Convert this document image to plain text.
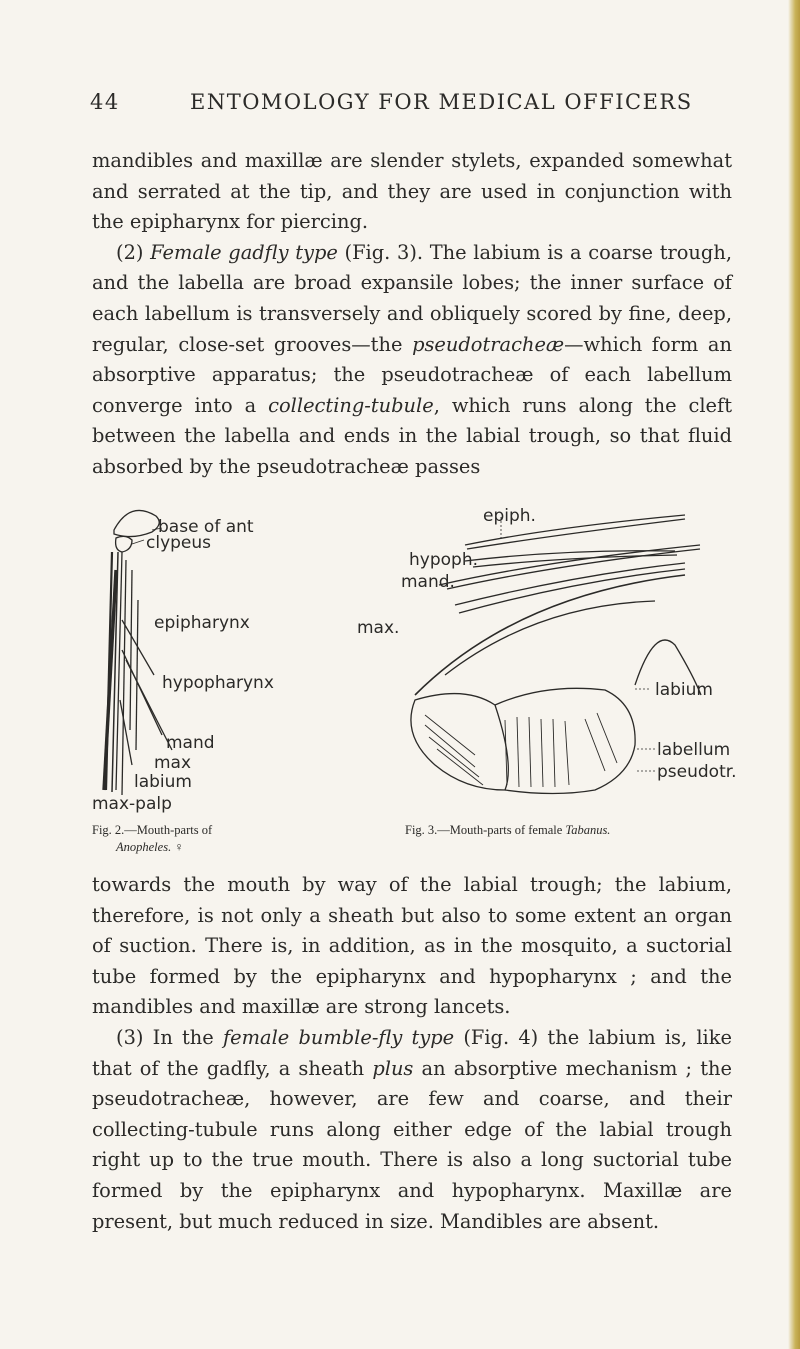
44	ENTOMOLOGY FOR MEDICAL OFFICERS

mandibles and maxillæ are slender stylets, expanded somewhat and serrated at the tip, and they are used in conjunction with the epipharynx for piercing.

(2) Female gadfly type (Fig. 3). The labium is a coarse trough, and the labella are broad expansile lobes; the inner surface of each labellum is transversely and obliquely scored by fine, deep, regular, close-set grooves—the pseudotracheæ—which form an absorptive apparatus; the pseudotracheæ of each labellum converge into a collecting-tubule, which runs along the cleft between the labella and ends in the labial trough, so that fluid absorbed by the pseudotracheæ passes

base of ant
clypeus
epipharynx
hypopharynx
mand
max
labium
max-palp
Fig. 2.—Mouth-parts of
Anopheles. ♀
epiph.
hypoph.
mand.
max.
labium
labellum
pseudotr.
Fig. 3.—Mouth-parts of female Tabanus.

towards the mouth by way of the labial trough; the labium, therefore, is not only a sheath but also to some extent an organ of suction. There is, in addition, as in the mosquito, a suctorial tube formed by the epipharynx and hypopharynx ; and the mandibles and maxillæ are strong lancets.

(3) In the female bumble-fly type (Fig. 4) the labium is, like that of the gadfly, a sheath plus an absorptive mechanism ; the pseudotracheæ, however, are few and coarse, and their collecting-tubule runs along either edge of the labial trough right up to the true mouth. There is also a long suctorial tube formed by the epipharynx and hypopharynx. Maxillæ are present, but much reduced in size. Mandibles are absent.
